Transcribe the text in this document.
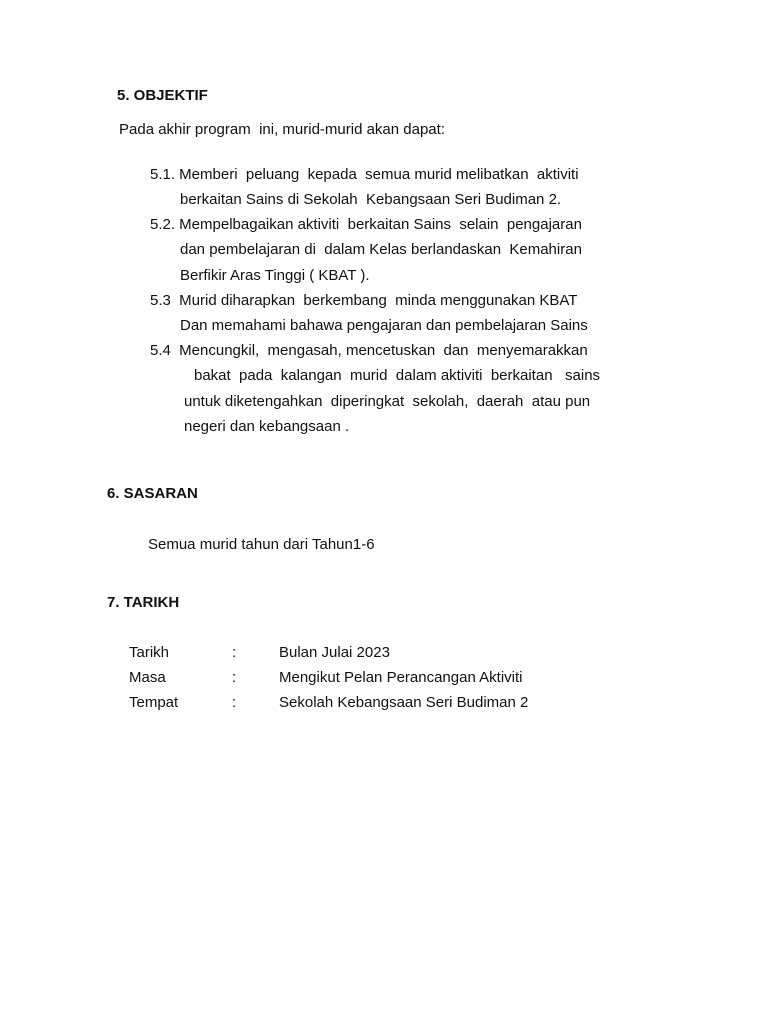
5. OBJEKTIF
Pada akhir program  ini, murid-murid akan dapat:
5.1. Memberi  peluang  kepada  semua murid melibatkan  aktiviti
berkaitan Sains di Sekolah  Kebangsaan Seri Budiman 2.
5.2. Mempelbagaikan aktiviti  berkaitan Sains  selain  pengajaran
dan pembelajaran di  dalam Kelas berlandaskan  Kemahiran
Berfikir Aras Tinggi ( KBAT ).
5.3  Murid diharapkan  berkembang  minda menggunakan KBAT
Dan memahami bahawa pengajaran dan pembelajaran Sains
5.4  Mencungkil,  mengasah, mencetuskan  dan  menyemarakkan
bakat  pada  kalangan  murid  dalam aktiviti  berkaitan   sains
untuk diketengahkan  diperingkat  sekolah,  daerah  atau pun
negeri dan kebangsaan .
6. SASARAN
Semua murid tahun dari Tahun1-6
7. TARIKH
Tarikh	:	Bulan Julai 2023
Masa	:	Mengikut Pelan Perancangan Aktiviti
Tempat	:	Sekolah Kebangsaan Seri Budiman 2
